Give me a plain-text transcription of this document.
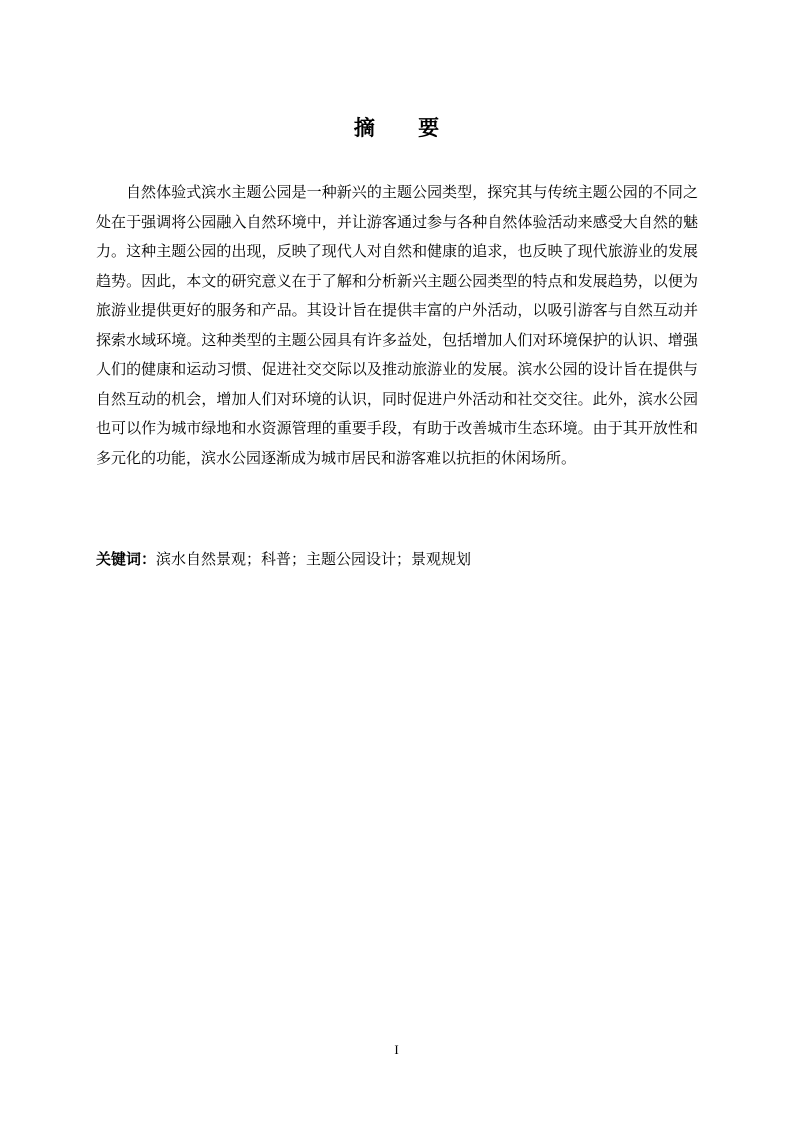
摘 要

自然体验式滨水主题公园是一种新兴的主题公园类型，探究其与传统主题公园的不同之处在于强调将公园融入自然环境中，并让游客通过参与各种自然体验活动来感受大自然的魅力。这种主题公园的出现，反映了现代人对自然和健康的追求，也反映了现代旅游业的发展趋势。因此，本文的研究意义在于了解和分析新兴主题公园类型的特点和发展趋势，以便为旅游业提供更好的服务和产品。其设计旨在提供丰富的户外活动，以吸引游客与自然互动并探索水域环境。这种类型的主题公园具有许多益处，包括增加人们对环境保护的认识、增强人们的健康和运动习惯、促进社交交际以及推动旅游业的发展。滨水公园的设计旨在提供与自然互动的机会，增加人们对环境的认识，同时促进户外活动和社交交往。此外，滨水公园也可以作为城市绿地和水资源管理的重要手段，有助于改善城市生态环境。由于其开放性和多元化的功能，滨水公园逐渐成为城市居民和游客难以抗拒的休闲场所。

关键词：滨水自然景观；科普；主题公园设计；景观规划

I
